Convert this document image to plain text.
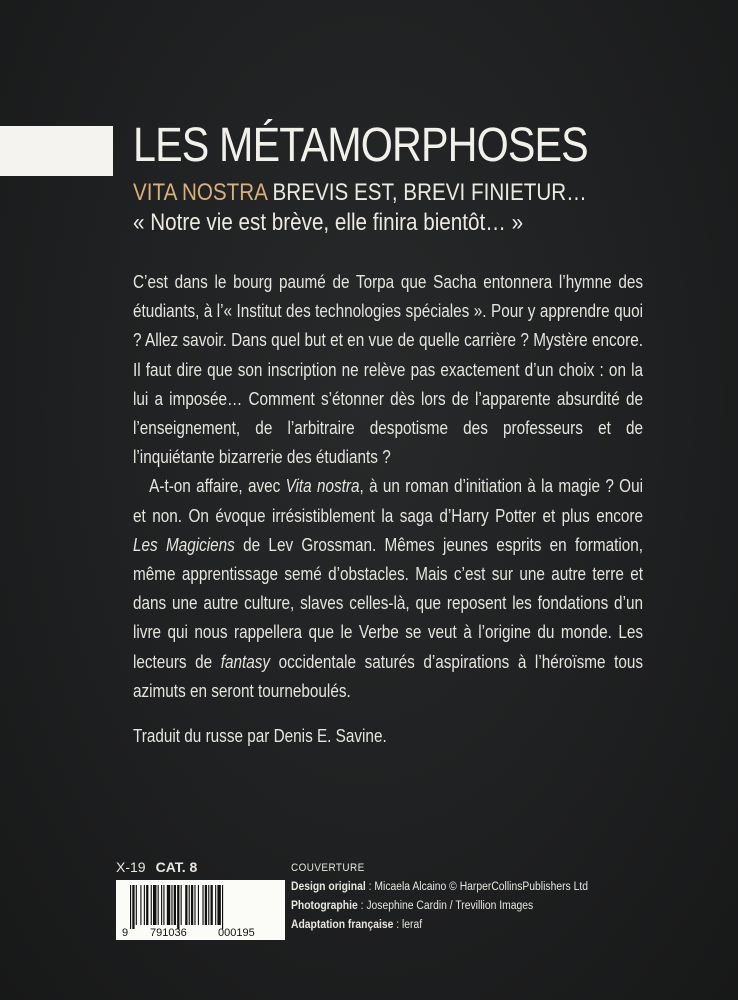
LES MÉTAMORPHOSES
VITA NOSTRA BREVIS EST, BREVI FINIETUR…
« Notre vie est brève, elle finira bientôt… »

C’est dans le bourg paumé de Torpa que Sacha entonnera l’hymne des étudiants, à l’« Institut des technologies spéciales ». Pour y apprendre quoi ? Allez savoir. Dans quel but et en vue de quelle carrière ? Mystère encore. Il faut dire que son inscription ne relève pas exactement d’un choix : on la lui a imposée… Comment s’étonner dès lors de l’apparente absurdité de l’enseignement, de l’arbitraire despotisme des professeurs et de l’inquiétante bizarrerie des étudiants ?

A-t-on affaire, avec Vita nostra, à un roman d’initiation à la magie ? Oui et non. On évoque irrésistiblement la saga d’Harry Potter et plus encore Les Magiciens de Lev Grossman. Mêmes jeunes esprits en formation, même apprentissage semé d’obstacles. Mais c’est sur une autre terre et dans une autre culture, slaves celles-là, que reposent les fondations d’un livre qui nous rappellera que le Verbe se veut à l’origine du monde. Les lecteurs de fantasy occidentale saturés d’aspirations à l’héroïsme tous azimuts en seront tourneboulés.

Traduit du russe par Denis E. Savine.

X-19 CAT. 8
9 791036	000195
COUVERTURE
Design original : Micaela Alcaino © HarperCollinsPublishers Ltd
Photographie : Josephine Cardin / Trevillion Images
Adaptation française : leraf
